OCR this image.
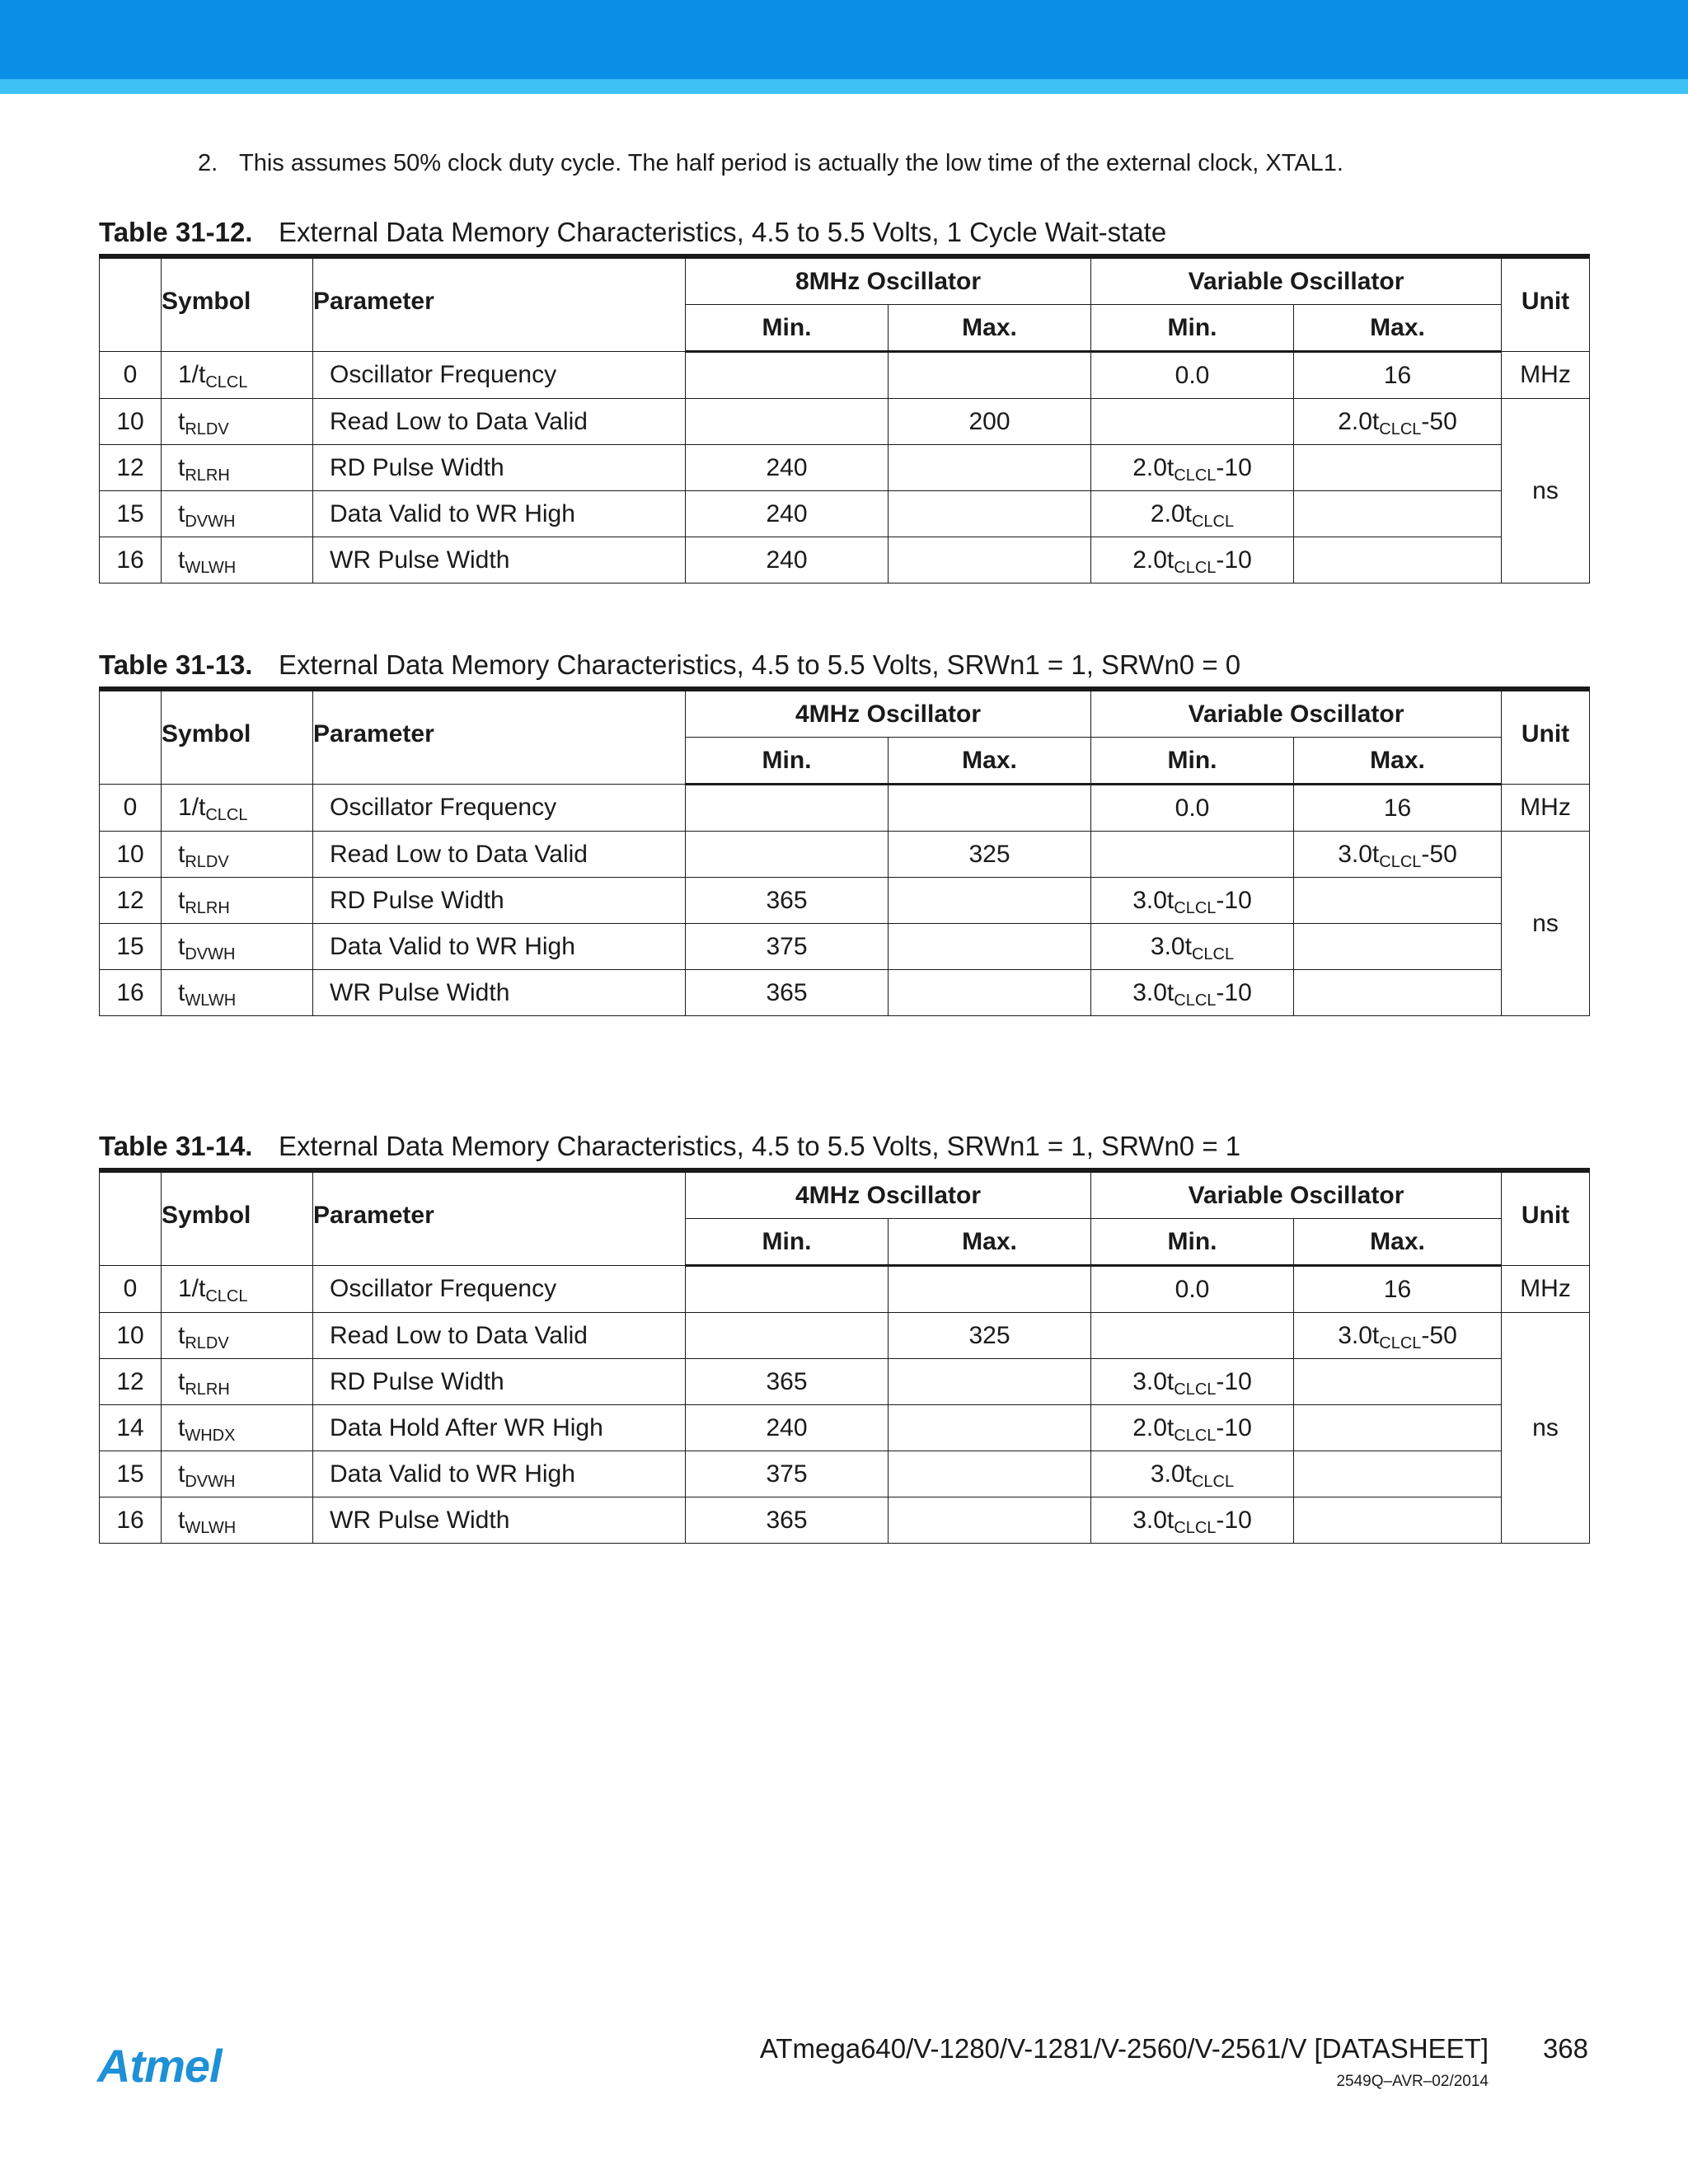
2. This assumes 50% clock duty cycle. The half period is actually the low time of the external clock, XTAL1.
Table 31-12. External Data Memory Characteristics, 4.5 to 5.5 Volts, 1 Cycle Wait-state
	Symbol	Parameter	8MHz Oscillator		Variable Oscillator		Unit
			Min.	Max.	Min.	Max.	
0	$1/t_{CLCL}$	Oscillator Frequency			0.0	16	MHz
10	$t_{RLDV}$	Read Low to Data Valid		200		$2.0t_{CLCL}-50$	ns
12	$t_{RLRH}$	RD Pulse Width	240		$2.0t_{CLCL}-10$		
15	$t_{DVWH}$	Data Valid to WR High	240		$2.0t_{CLCL}$	
16	$t_{WLWH}$	WR Pulse Width	240		$2.0t_{CLCL}-10$		
Table 31-13. External Data Memory Characteristics, 4.5 to 5.5 Volts, SRWn1 = 1, SRWn0 = 0
	Symbol	Parameter	4MHz Oscillator		Variable Oscillator		Unit
			Min.	Max.	Min.	Max.	
0	$1/t_{CLCL}$	Oscillator Frequency			0.0	16	MHz
10	$t_{RLDV}$	Read Low to Data Valid		325		$3.0t_{CLCL}-50$	ns
12	$t_{RLRH}$	RD Pulse Width	365		$3.0t_{CLCL}-10$		
15	$t_{DVWH}$	Data Valid to WR High	375		$3.0t_{CLCL}$	
16	$t_{WLWH}$	WR Pulse Width	365		$3.0t_{CLCL}-10$		
Table 31-14. External Data Memory Characteristics, 4.5 to 5.5 Volts, SRWn1 = 1, SRWn0 = 1
	Symbol	Parameter	4MHz Oscillator		Variable Oscillator		Unit
			Min.	Max.	Min.	Max.	
0	$1/t_{CLCL}$	Oscillator Frequency			0.0	16	MHz
10	$t_{RLDV}$	Read Low to Data Valid		325		$3.0t_{CLCL}-50$	ns
12	$t_{RLRH}$	RD Pulse Width	365		$3.0t_{CLCL}-10$		
14	$t_{WHDX}$	Data Hold After WR High	240		$2.0t_{CLCL}-10$		
15	$t_{DVWH}$	Data Valid to WR High	375		$3.0t_{CLCL}$	
16	$t_{WLWH}$	WR Pulse Width	365		$3.0t_{CLCL}-10$		
Atmel	ATmega640/V-1280/V-1281/V-2560/V-2561/V [DATASHEET] 368
2549Q–AVR–02/2014
